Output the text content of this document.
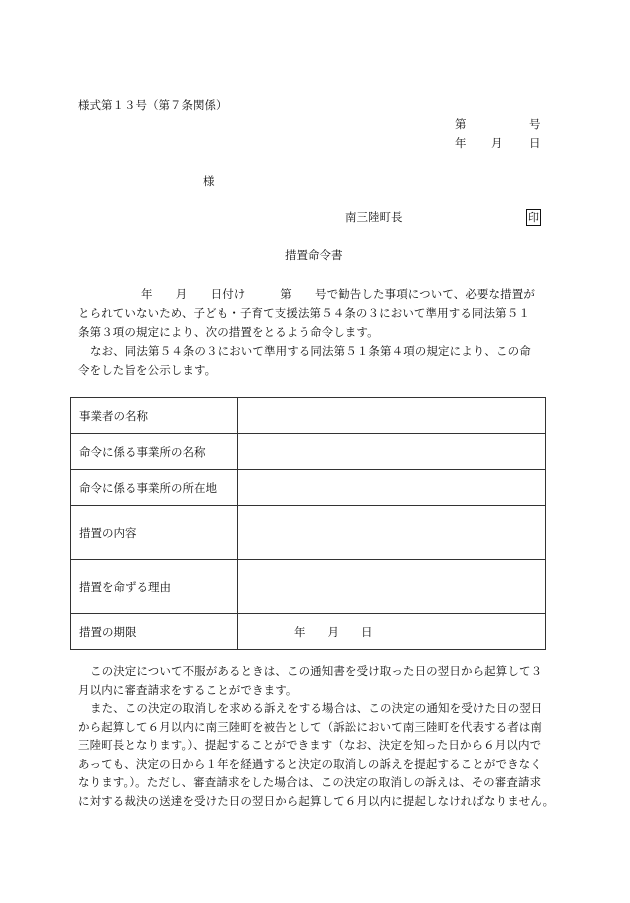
様式第１３号（第７条関係）
第	号
年 月 日
様
南三陸町長	印
措置命令書

年　　月　　日付け　　　第　　号で勧告した事項について、必要な措置が

とられていないため、子ども・子育て支援法第５４条の３において準用する同法第５１

条第３項の規定により、次の措置をとるよう命令します。

なお、同法第５４条の３において準用する同法第５１条第４項の規定により、この命

令をした旨を公示します。

事業者の名称	
命令に係る事業所の名称	
命令に係る事業所の所在地	
措置の内容	
措置を命ずる理由	
措置の期限	年 月 日

この決定について不服があるときは、この通知書を受け取った日の翌日から起算して３

月以内に審査請求をすることができます。

また、この決定の取消しを求める訴えをする場合は、この決定の通知を受けた日の翌日

から起算して６月以内に南三陸町を被告として（訴訟において南三陸町を代表する者は南

三陸町長となります。）、提起することができます（なお、決定を知った日から６月以内で

あっても、決定の日から１年を経過すると決定の取消しの訴えを提起することができなく

なります。）。ただし、審査請求をした場合は、この決定の取消しの訴えは、その審査請求

に対する裁決の送達を受けた日の翌日から起算して６月以内に提起しなければなりません。
